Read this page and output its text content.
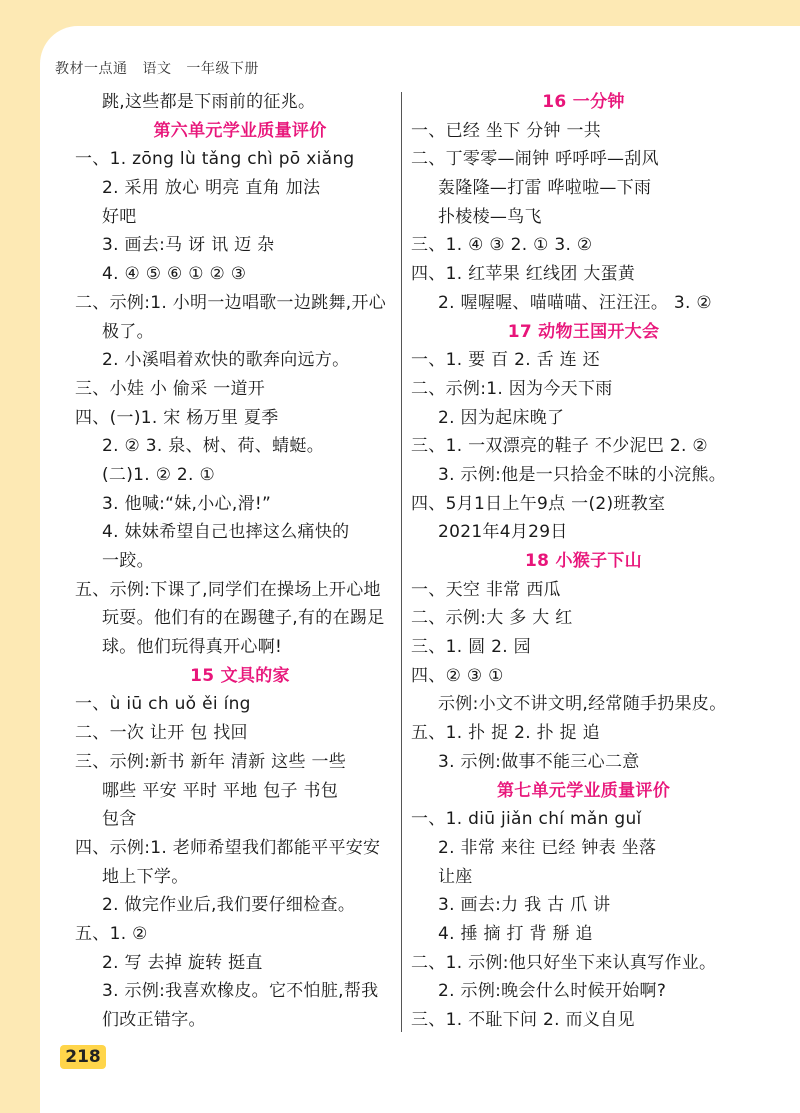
教材一点通 语文 一年级下册
跳,这些都是下雨前的征兆。
第六单元学业质量评价
一、1. zōng lù tǎng chì pō xiǎng
2. 采用 放心 明亮 直角 加法
好吧
3. 画去:马 讶 讯 迈 杂
4. ④ ⑤ ⑥ ① ② ③
二、示例:1. 小明一边唱歌一边跳舞,开心
极了。
2. 小溪唱着欢快的歌奔向远方。
三、小娃 小 偷采 一道开
四、(一)1. 宋 杨万里 夏季
2. ② 3. 泉、树、荷、蜻蜓。
(二)1. ② 2. ①
3. 他喊:“妹,小心,滑!”
4. 妹妹希望自己也摔这么痛快的
一跤。
五、示例:下课了,同学们在操场上开心地
玩耍。他们有的在踢毽子,有的在踢足
球。他们玩得真开心啊!
15 文具的家
一、ù iū ch uǒ ěi íng
二、一次 让开 包 找回
三、示例:新书 新年 清新 这些 一些
哪些 平安 平时 平地 包子 书包
包含
四、示例:1. 老师希望我们都能平平安安
地上下学。
2. 做完作业后,我们要仔细检查。
五、1. ②
2. 写 去掉 旋转 挺直
3. 示例:我喜欢橡皮。它不怕脏,帮我
们改正错字。
16 一分钟
一、已经 坐下 分钟 一共
二、丁零零—闹钟 呼呼呼—刮风
轰隆隆—打雷 哗啦啦—下雨
扑棱棱—鸟飞
三、1. ④ ③ 2. ① 3. ②
四、1. 红苹果 红线团 大蛋黄
2. 喔喔喔、喵喵喵、汪汪汪。 3. ②
17 动物王国开大会
一、1. 要 百 2. 舌 连 还
二、示例:1. 因为今天下雨
2. 因为起床晚了
三、1. 一双漂亮的鞋子 不少泥巴 2. ②
3. 示例:他是一只拾金不昧的小浣熊。
四、5月1日上午9点 一(2)班教室
2021年4月29日
18 小猴子下山
一、天空 非常 西瓜
二、示例:大 多 大 红
三、1. 圆 2. 园
四、② ③ ①
示例:小文不讲文明,经常随手扔果皮。
五、1. 扑 捉 2. 扑 捉 追
3. 示例:做事不能三心二意
第七单元学业质量评价
一、1. diū jiǎn chí mǎn guǐ
2. 非常 来往 已经 钟表 坐落
让座
3. 画去:力 我 古 爪 讲
4. 捶 摘 打 背 掰 追
二、1. 示例:他只好坐下来认真写作业。
2. 示例:晚会什么时候开始啊?
三、1. 不耻下问 2. 而义自见
218
